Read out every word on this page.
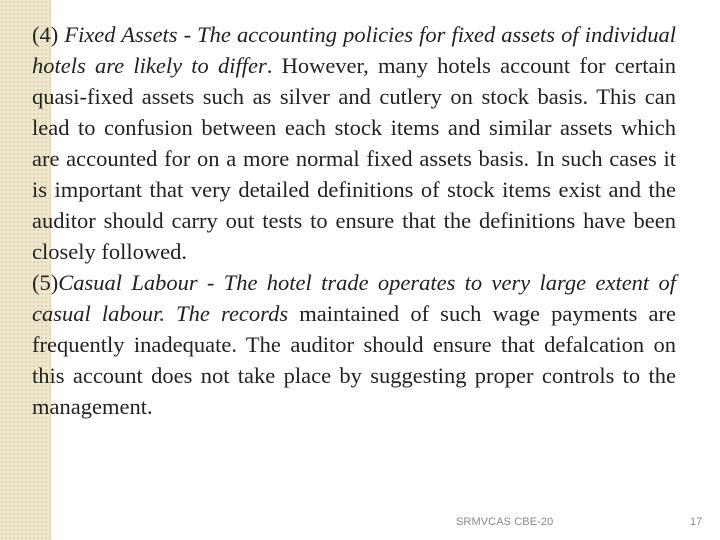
(4) Fixed Assets - The accounting policies for fixed assets of individual hotels are likely to differ. However, many hotels account for certain quasi-fixed assets such as silver and cutlery on stock basis. This can lead to confusion between each stock items and similar assets which are accounted for on a more normal fixed assets basis. In such cases it is important that very detailed definitions of stock items exist and the auditor should carry out tests to ensure that the definitions have been closely followed.

(5)Casual Labour - The hotel trade operates to very large extent of casual labour. The records maintained of such wage payments are frequently inadequate. The auditor should ensure that defalcation on this account does not take place by suggesting proper controls to the management.

SRMVCAS CBE-20	17
